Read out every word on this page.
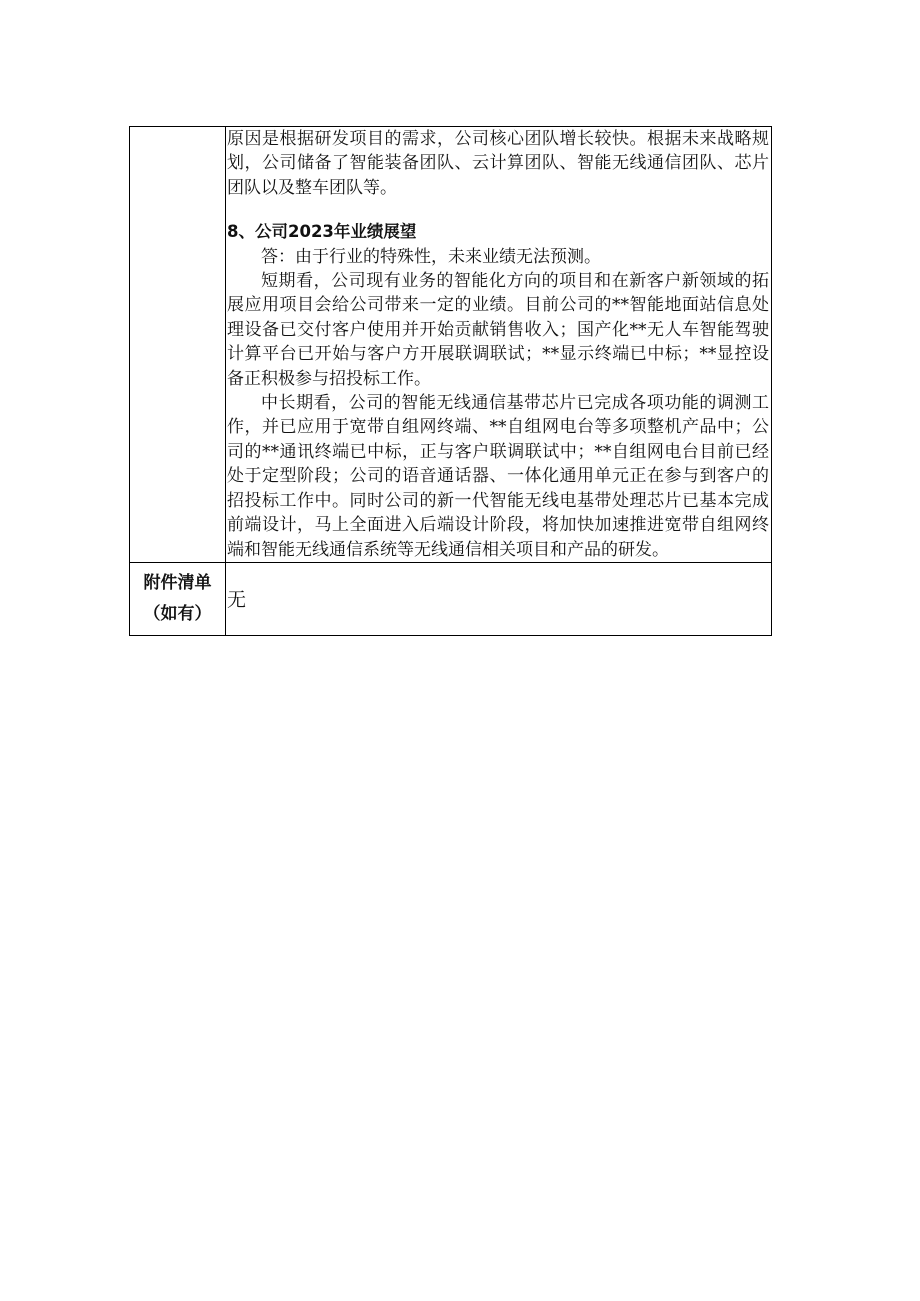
	原因是根据研发项目的需求，公司核心团队增长较快。根据未来战略规划，公司储备了智能装备团队、云计算团队、智能无线通信团队、芯片团队以及整车团队等。

8、公司2023年业绩展望

答：由于行业的特殊性，未来业绩无法预测。

短期看，公司现有业务的智能化方向的项目和在新客户新领域的拓展应用项目会给公司带来一定的业绩。目前公司的**智能地面站信息处理设备已交付客户使用并开始贡献销售收入；国产化**无人车智能驾驶计算平台已开始与客户方开展联调联试；**显示终端已中标；**显控设备正积极参与招投标工作。

中长期看，公司的智能无线通信基带芯片已完成各项功能的调测工作，并已应用于宽带自组网终端、**自组网电台等多项整机产品中；公司的**通讯终端已中标，正与客户联调联试中；**自组网电台目前已经处于定型阶段；公司的语音通话器、一体化通用单元正在参与到客户的招投标工作中。同时公司的新一代智能无线电基带处理芯片已基本完成前端设计，马上全面进入后端设计阶段，将加快加速推进宽带自组网终端和智能无线通信系统等无线通信相关项目和产品的研发。

附件清单
（如有）	无
